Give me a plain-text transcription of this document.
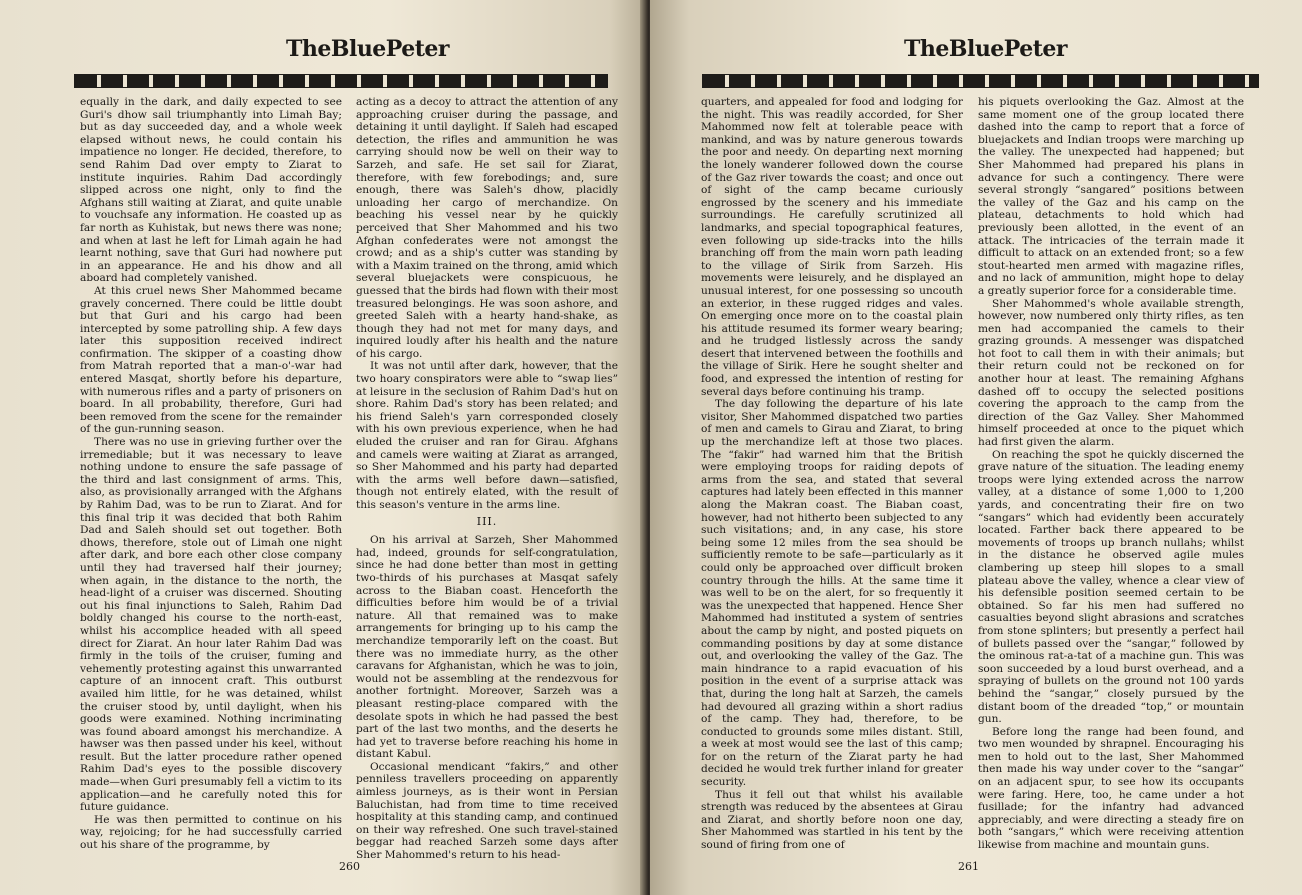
TheBluePeter

equally in the dark, and daily expected to see Guri's dhow sail triumphantly into Limah Bay; but as day succeeded day, and a whole week elapsed without news, he could contain his impatience no longer. He decided, therefore, to send Rahim Dad over empty to Ziarat to institute inquiries. Rahim Dad accordingly slipped across one night, only to find the Afghans still waiting at Ziarat, and quite unable to vouchsafe any information. He coasted up as far north as Kuhistak, but news there was none; and when at last he left for Limah again he had learnt nothing, save that Guri had nowhere put in an appearance. He and his dhow and all aboard had completely vanished.

At this cruel news Sher Mahommed became gravely concerned. There could be little doubt but that Guri and his cargo had been intercepted by some patrolling ship. A few days later this supposition received indirect confirmation. The skipper of a coasting dhow from Matrah reported that a man-o'-war had entered Masqat, shortly before his departure, with numerous rifles and a party of prisoners on board. In all probability, therefore, Guri had been removed from the scene for the remainder of the gun-running season.

There was no use in grieving further over the irremediable; but it was necessary to leave nothing undone to ensure the safe passage of the third and last consignment of arms. This, also, as provisionally arranged with the Afghans by Rahim Dad, was to be run to Ziarat. And for this final trip it was decided that both Rahim Dad and Saleh should set out together. Both dhows, therefore, stole out of Limah one night after dark, and bore each other close company until they had traversed half their journey; when again, in the distance to the north, the head-light of a cruiser was discerned. Shouting out his final injunctions to Saleh, Rahim Dad boldly changed his course to the north-east, whilst his accomplice headed with all speed direct for Ziarat. An hour later Rahim Dad was firmly in the toils of the cruiser, fuming and vehemently protesting against this unwarranted capture of an innocent craft. This outburst availed him little, for he was detained, whilst the cruiser stood by, until daylight, when his goods were examined. Nothing incriminating was found aboard amongst his merchandize. A hawser was then passed under his keel, without result. But the latter procedure rather opened Rahim Dad's eyes to the possible discovery made—when Guri presumably fell a victim to its application—and he carefully noted this for future guidance.

He was then permitted to continue on his way, rejoicing; for he had successfully carried out his share of the programme, by

acting as a decoy to attract the attention of any approaching cruiser during the passage, and detaining it until daylight. If Saleh had escaped detection, the rifles and ammunition he was carrying should now be well on their way to Sarzeh, and safe. He set sail for Ziarat, therefore, with few forebodings; and, sure enough, there was Saleh's dhow, placidly unloading her cargo of merchandize. On beaching his vessel near by he quickly perceived that Sher Mahommed and his two Afghan confederates were not amongst the crowd; and as a ship's cutter was standing by with a Maxim trained on the throng, amid which several bluejackets were conspicuous, he guessed that the birds had flown with their most treasured belongings. He was soon ashore, and greeted Saleh with a hearty hand-shake, as though they had not met for many days, and inquired loudly after his health and the nature of his cargo.

It was not until after dark, however, that the two hoary conspirators were able to “swap lies” at leisure in the seclusion of Rahim Dad's hut on shore. Rahim Dad's story has been related; and his friend Saleh's yarn corresponded closely with his own previous experience, when he had eluded the cruiser and ran for Girau. Afghans and camels were waiting at Ziarat as arranged, so Sher Mahommed and his party had departed with the arms well before dawn—satisfied, though not entirely elated, with the result of this season's venture in the arms line.

III.

On his arrival at Sarzeh, Sher Mahommed had, indeed, grounds for self-congratulation, since he had done better than most in getting two-thirds of his purchases at Masqat safely across to the Biaban coast. Henceforth the difficulties before him would be of a trivial nature. All that remained was to make arrangements for bringing up to his camp the merchandize temporarily left on the coast. But there was no immediate hurry, as the other caravans for Afghanistan, which he was to join, would not be assembling at the rendezvous for another fortnight. Moreover, Sarzeh was a pleasant resting-place compared with the desolate spots in which he had passed the best part of the last two months, and the deserts he had yet to traverse before reaching his home in distant Kabul.

Occasional mendicant “fakirs,” and other penniless travellers proceeding on apparently aimless journeys, as is their wont in Persian Baluchistan, had from time to time received hospitality at this standing camp, and continued on their way refreshed. One such travel-stained beggar had reached Sarzeh some days after Sher Mahommed's return to his head-

260
TheBluePeter

quarters, and appealed for food and lodging for the night. This was readily accorded, for Sher Mahommed now felt at tolerable peace with mankind, and was by nature generous towards the poor and needy. On departing next morning the lonely wanderer followed down the course of the Gaz river towards the coast; and once out of sight of the camp became curiously engrossed by the scenery and his immediate surroundings. He carefully scrutinized all landmarks, and special topographical features, even following up side-tracks into the hills branching off from the main worn path leading to the village of Sirik from Sarzeh. His movements were leisurely, and he displayed an unusual interest, for one possessing so uncouth an exterior, in these rugged ridges and vales. On emerging once more on to the coastal plain his attitude resumed its former weary bearing; and he trudged listlessly across the sandy desert that intervened between the foothills and the village of Sirik. Here he sought shelter and food, and expressed the intention of resting for several days before continuing his tramp.

The day following the departure of his late visitor, Sher Mahommed dispatched two parties of men and camels to Girau and Ziarat, to bring up the merchandize left at those two places. The “fakir” had warned him that the British were employing troops for raiding depots of arms from the sea, and stated that several captures had lately been effected in this manner along the Makran coast. The Biaban coast, however, had not hitherto been subjected to any such visitations; and, in any case, his store being some 12 miles from the sea should be sufficiently remote to be safe—particularly as it could only be approached over difficult broken country through the hills. At the same time it was well to be on the alert, for so frequently it was the unexpected that happened. Hence Sher Mahommed had instituted a system of sentries about the camp by night, and posted piquets on commanding positions by day at some distance out, and overlooking the valley of the Gaz. The main hindrance to a rapid evacuation of his position in the event of a surprise attack was that, during the long halt at Sarzeh, the camels had devoured all grazing within a short radius of the camp. They had, therefore, to be conducted to grounds some miles distant. Still, a week at most would see the last of this camp; for on the return of the Ziarat party he had decided he would trek further inland for greater security.

Thus it fell out that whilst his available strength was reduced by the absentees at Girau and Ziarat, and shortly before noon one day, Sher Mahommed was startled in his tent by the sound of firing from one of

his piquets overlooking the Gaz. Almost at the same moment one of the group located there dashed into the camp to report that a force of bluejackets and Indian troops were marching up the valley. The unexpected had happened; but Sher Mahommed had prepared his plans in advance for such a contingency. There were several strongly “sangared” positions between the valley of the Gaz and his camp on the plateau, detachments to hold which had previously been allotted, in the event of an attack. The intricacies of the terrain made it difficult to attack on an extended front; so a few stout-hearted men armed with magazine rifles, and no lack of ammunition, might hope to delay a greatly superior force for a considerable time.

Sher Mahommed's whole available strength, however, now numbered only thirty rifles, as ten men had accompanied the camels to their grazing grounds. A messenger was dispatched hot foot to call them in with their animals; but their return could not be reckoned on for another hour at least. The remaining Afghans dashed off to occupy the selected positions covering the approach to the camp from the direction of the Gaz Valley. Sher Mahommed himself proceeded at once to the piquet which had first given the alarm.

On reaching the spot he quickly discerned the grave nature of the situation. The leading enemy troops were lying extended across the narrow valley, at a distance of some 1,000 to 1,200 yards, and concentrating their fire on two “sangars” which had evidently been accurately located. Farther back there appeared to be movements of troops up branch nullahs; whilst in the distance he observed agile mules clambering up steep hill slopes to a small plateau above the valley, whence a clear view of his defensible position seemed certain to be obtained. So far his men had suffered no casualties beyond slight abrasions and scratches from stone splinters; but presently a perfect hail of bullets passed over the “sangar,” followed by the ominous rat-a-tat of a machine gun. This was soon succeeded by a loud burst overhead, and a spraying of bullets on the ground not 100 yards behind the “sangar,” closely pursued by the distant boom of the dreaded “top,” or mountain gun.

Before long the range had been found, and two men wounded by shrapnel. Encouraging his men to hold out to the last, Sher Mahommed then made his way under cover to the “sangar” on an adjacent spur, to see how its occupants were faring. Here, too, he came under a hot fusillade; for the infantry had advanced appreciably, and were directing a steady fire on both “sangars,” which were receiving attention likewise from machine and mountain guns.

261
